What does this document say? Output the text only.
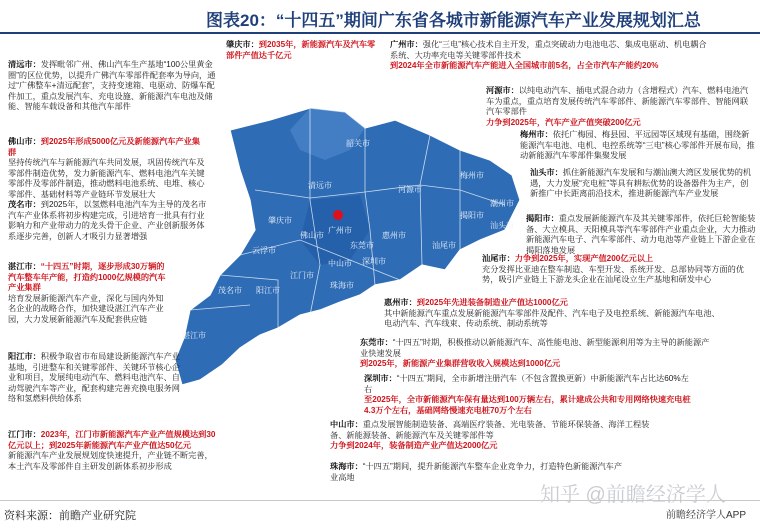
图表20：“十四五”期间广东省各城市新能源汽车产业发展规划汇总
清远市
韶关市
河源市
梅州市
潮州市
汕头市
揭阳市
汕尾市
惠州市
东莞市
广州市
佛山市
肇庆市
云浮市
江门市
中山市
珠海市
阳江市
茂名市
湛江市
深圳市
肇庆市：到2035年，新能源汽车及汽车零部件产值达千亿元
广州市：强化“三电”核心技术自主开发，重点突破动力电池电芯、集成电驱动、机电耦合系统、大功率充电等关键零部件技术
到2024年全市新能源汽车产能进入全国城市前5名，占全市汽车产能约20%
清远市：发挥毗邻广州、佛山汽车生产基地“100公里黄金圈”的区位优势，以提升广佛汽车零部件配套率为导向，通过“广佛整车+清远配套”，支持变速箱、电驱动、防爆车配件加工，重点发展汽车、充电设施、新能源汽车电池及储能、智能车载设备和其他汽车部件
河源市：以纯电动汽车、插电式混合动力（含增程式）汽车、燃料电池汽车为重点，重点培育发展传统汽车零部件、新能源汽车零部件、智能网联汽车零部件
力争到2025年，汽车产业产值突破200亿元
佛山市：到2025年形成5000亿元及新能源汽车产业集群
坚持传统汽车与新能源汽车共同发展，巩固传统汽车及零部件制造优势，发力新能源汽车、燃料电池汽车关键零部件及零部件制造，推动燃料电池系统、电堆、核心零部件、基础材料等产业链环节发展壮大
梅州市：依托广梅园、梅县园、平远园等区域现有基础，围绕新能源汽车电池、电机、电控系统等“三电”核心零部件开展布局，推动新能源汽车零部件集聚发展
茂名市：到2025年，以氢燃料电池汽车为主导的茂名市汽车产业体系将初步构建完成，引进培育一批具有行业影响力和产业带动力的龙头骨干企业、产业创新服务体系逐步完善，创新人才吸引力显著增强
汕头市：抓住新能源汽车发展和与潮汕澳大湾区发展优势的机遇，大力发展“充电桩”等具有耕耘优势的设备器件为主产，创新推广中长距离前沿技术，推进新能源汽车产业发展
湛江市：“十四五”时期，逐步形成30万辆的汽车整车年产能，打造约1000亿规模的汽车产业集群
培育发展新能源汽车产业，深化与国内外知名企业的战略合作，加快建设湛江汽车产业园，大力发展新能源汽车及配套供应链
揭阳市：重点发展新能源汽车及其关键零部件，依托巨轮智能装备、大立模具、天阳模具等汽车零部件产业重点企业，大力推动新能源汽车电子、汽车零部件、动力电池等产业链上下游企业在揭阳落地发展
汕尾市：力争到2025年，实现产值200亿元以上
充分发挥比亚迪在整车制造、车型开发、系统开发、总部协同等方面的优势，吸引产业链上下游龙头企业在汕尾设立生产基地和研发中心
惠州市：到2025年先进装备制造业产值达1000亿元
其中新能源汽车重点发展新能源汽车零部件及配件、汽车电子及电控系统、新能源汽车电池、电动汽车、汽车线束、传动系统、制动系统等
东莞市：“十四五”时期，积极推动以新能源汽车、高性能电池、新型能源利用等为主导的新能源产业快速发展
到2025年，新能源产业集群营收收入规模达到1000亿元
阳江市：积极争取省市布局建设新能源汽车产业基地，引进整车和关键零部件、关键环节核心企业和项目，发展纯电动汽车、燃料电池汽车、自动驾驶汽车等产业，配套构建完善充换电服务网络和氢燃料供给体系
深圳市：“十四五”期间，全市新增注册汽车（不包含置换更新）中新能源汽车占比达60%左右
至2025年，全市新能源汽车保有量达到100万辆左右，累计建成公共和专用网络快速充电桩4.3万个左右，基础网络慢速充电桩70万个左右
江门市：2023年，江门市新能源汽车产业产值规模达到30亿元以上；到2025年新能源汽车产业产值达50亿元
新能源汽车产业发展规划度快速提升，产业链不断完善，本土汽车及零部件自主研发创新体系初步形成
中山市：重点发展智能制造装备、高端医疗装备、光电装备、节能环保装备、海洋工程装备、新能源装备、新能源汽车及关键零部件等
力争到2024年，装备制造产业产值达2000亿元
珠海市：“十四五”期间，提升新能源汽车整车企业竞争力，打造特色新能源汽车产业高地
知乎 @前瞻经济学人
资料来源：前瞻产业研究院	前瞻经济学人APP
